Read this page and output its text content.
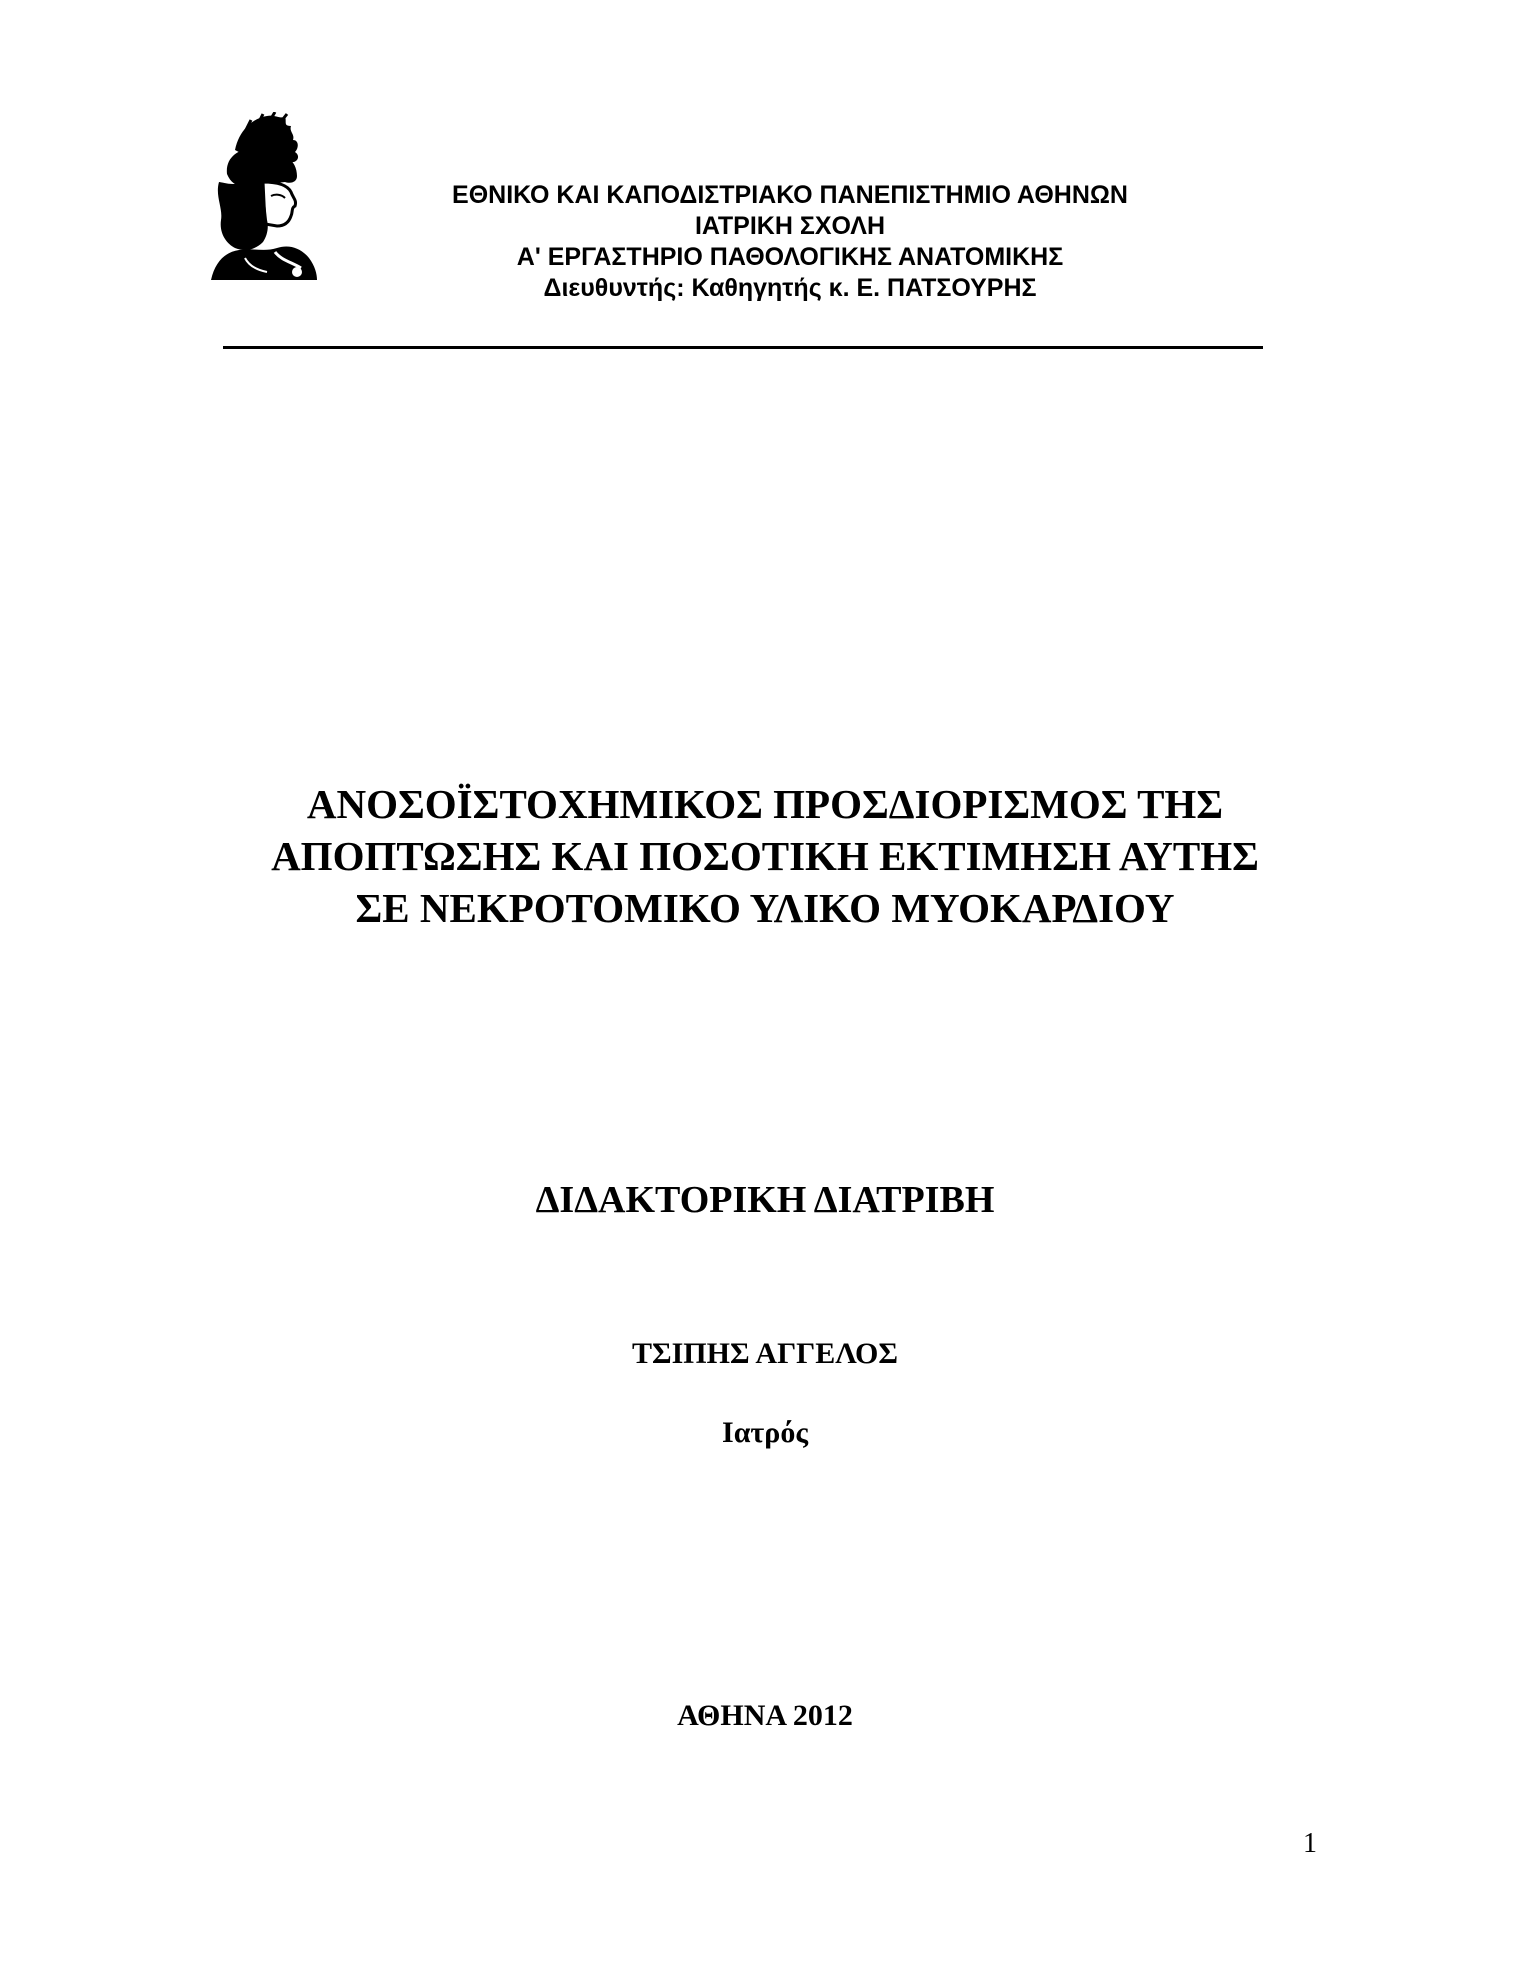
ΕΘΝΙΚΟ ΚΑΙ ΚΑΠΟΔΙΣΤΡΙΑΚΟ ΠΑΝΕΠΙΣΤΗΜΙΟ ΑΘΗΝΩΝ
ΙΑΤΡΙΚΗ ΣΧΟΛΗ
Α' ΕΡΓΑΣΤΗΡΙΟ ΠΑΘΟΛΟΓΙΚΗΣ ΑΝΑΤΟΜΙΚΗΣ
Διευθυντής: Καθηγητής κ. Ε. ΠΑΤΣΟΥΡΗΣ
ΑΝΟΣΟΪΣΤΟΧΗΜΙΚΟΣ ΠΡΟΣΔΙΟΡΙΣΜΟΣ ΤΗΣ
ΑΠΟΠΤΩΣΗΣ ΚΑΙ ΠΟΣΟΤΙΚΗ ΕΚΤΙΜΗΣΗ ΑΥΤΗΣ
ΣΕ ΝΕΚΡΟΤΟΜΙΚΟ ΥΛΙΚΟ ΜΥΟΚΑΡΔΙΟΥ
ΔΙΔΑΚΤΟΡΙΚΗ ΔΙΑΤΡΙΒΗ
ΤΣΙΠΗΣ ΑΓΓΕΛΟΣ
Ιατρός
ΑΘΗΝΑ 2012
1
